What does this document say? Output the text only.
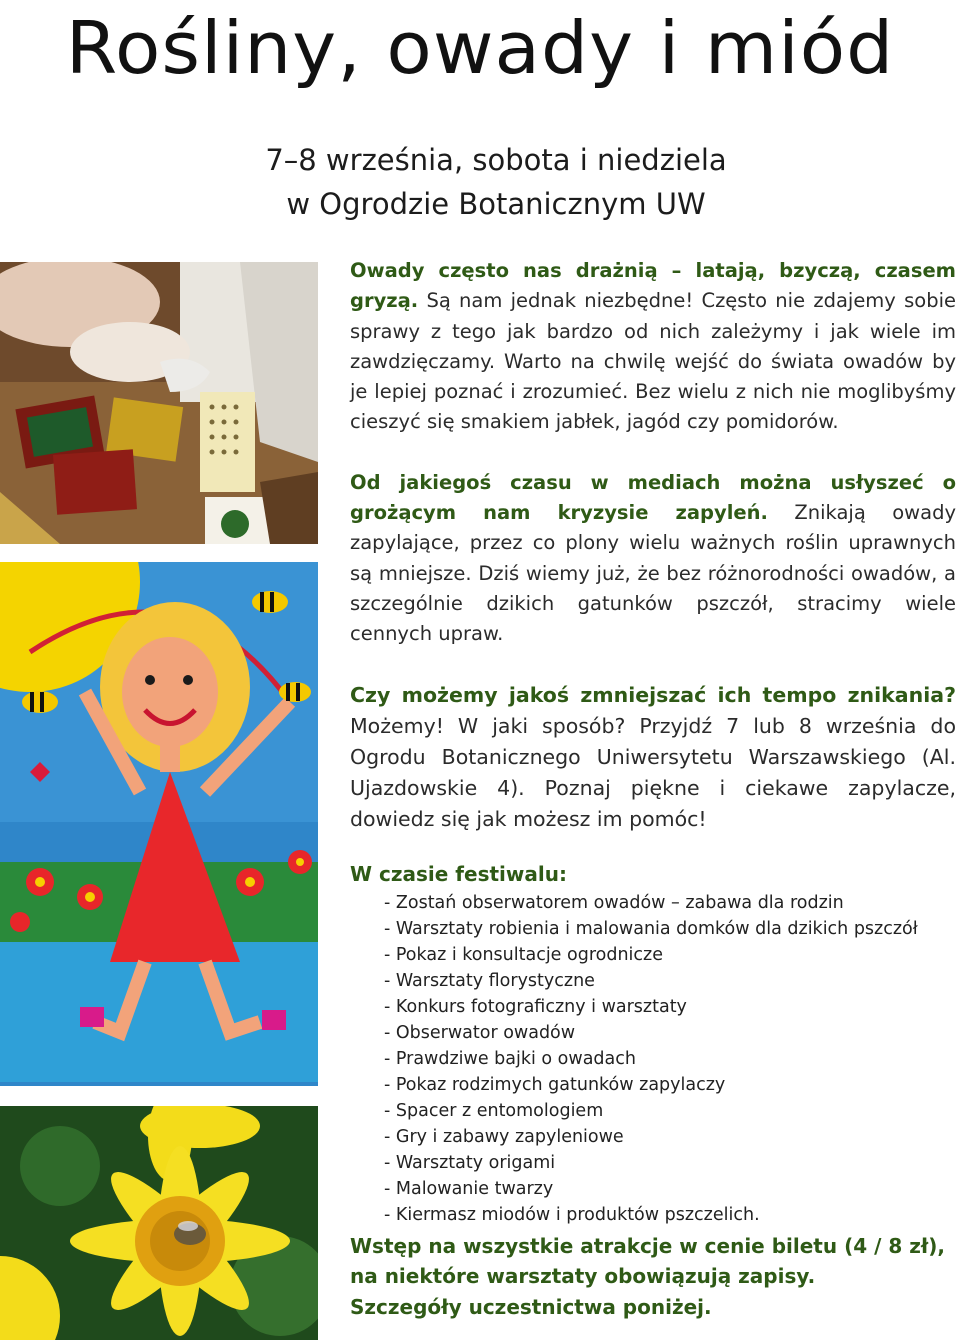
Rośliny, owady i miód
7–8 września, sobota i niedziela
w Ogrodzie Botanicznym UW

Owady często nas drażnią – latają, bzyczą, czasem gryzą. Są nam jednak niezbędne! Często nie zdajemy sobie sprawy z tego jak bardzo od nich zależymy i jak wiele im zawdzięczamy. Warto na chwilę wejść do świata owadów by je lepiej poznać i zrozumieć. Bez wielu z nich nie moglibyśmy cieszyć się smakiem jabłek, jagód czy pomidorów.

Od jakiegoś czasu w mediach można usłyszeć o grożącym nam kryzysie zapyleń. Znikają owady zapylające, przez co plony wielu ważnych roślin uprawnych są mniejsze. Dziś wiemy już, że bez różnorodności owadów, a szczególnie dzikich gatunków pszczół, stracimy wiele cennych upraw.

Czy możemy jakoś zmniejszać ich tempo znikania? Możemy! W jaki sposób? Przyjdź 7 lub 8 września do Ogrodu Botanicznego Uniwersytetu Warszawskiego (Al. Ujazdowskie 4). Poznaj piękne i ciekawe zapylacze, dowiedz się jak możesz im pomóc!

W czasie festiwalu:
- Zostań obserwatorem owadów – zabawa dla rodzin
- Warsztaty robienia i malowania domków dla dzikich pszczół
- Pokaz i konsultacje ogrodnicze
- Warsztaty florystyczne
- Konkurs fotograficzny i warsztaty
- Obserwator owadów
- Prawdziwe bajki o owadach
- Pokaz rodzimych gatunków zapylaczy
- Spacer z entomologiem
- Gry i zabawy zapyleniowe
- Warsztaty origami
- Malowanie twarzy
- Kiermasz miodów i produktów pszczelich.
Wstęp na wszystkie atrakcje w cenie biletu (4 / 8 zł),
na niektóre warsztaty obowiązują zapisy.
Szczegóły uczestnictwa poniżej.
